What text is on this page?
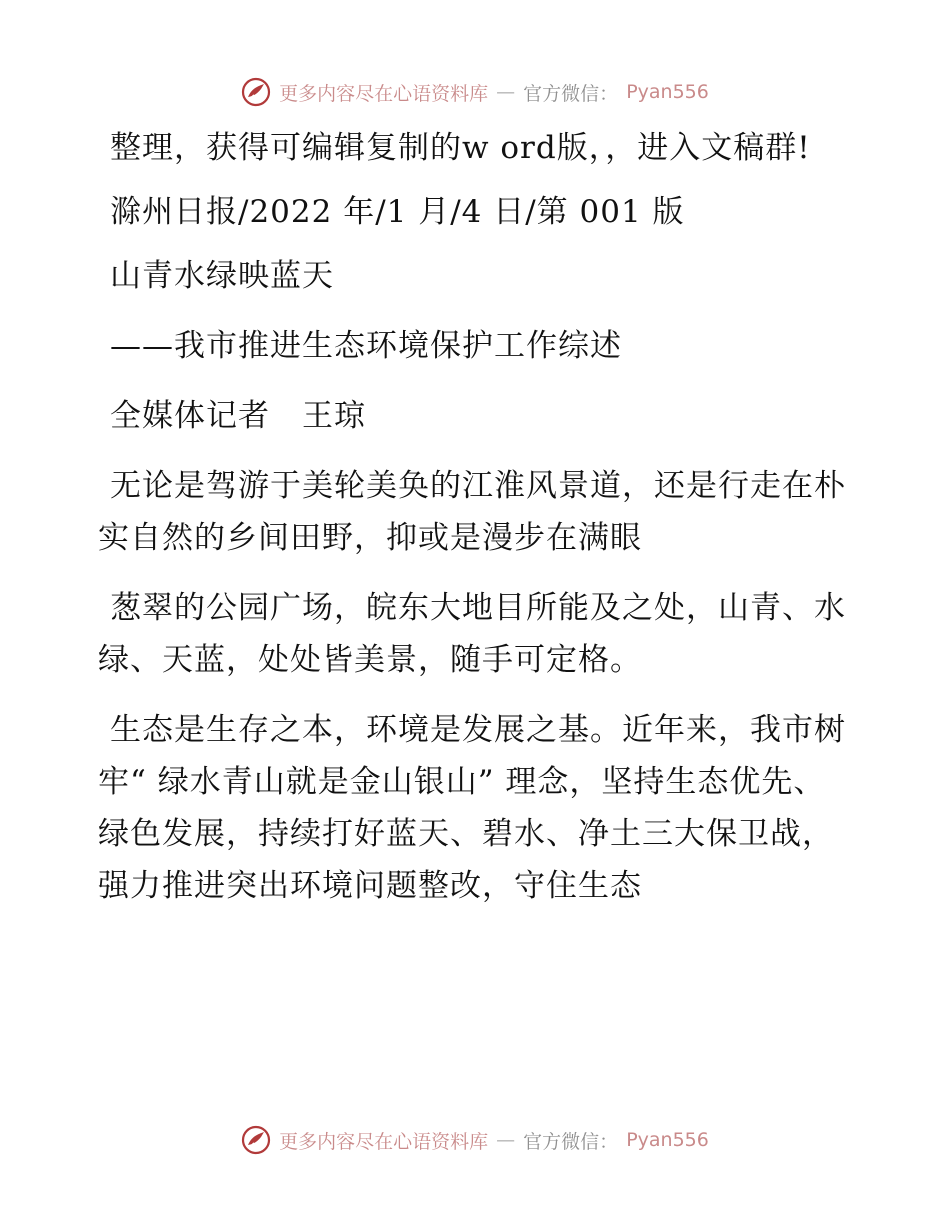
更多内容尽在心语资料库 — 官方微信： Pyan556

整理，获得可编辑复制的w ord版，，进入文稿群!

滁州日报/2022 年/1 月/4 日/第 001 版

山青水绿映蓝天

——我市推进生态环境保护工作综述

全媒体记者　王琼

无论是驾游于美轮美奂的江淮风景道，还是行走在朴实自然的乡间田野，抑或是漫步在满眼

葱翠的公园广场，皖东大地目所能及之处，山青、水绿、天蓝，处处皆美景，随手可定格。

生态是生存之本，环境是发展之基。近年来，我市树牢“ 绿水青山就是金山银山” 理念，坚持生态优先、绿色发展，持续打好蓝天、碧水、净土三大保卫战，强力推进突出环境问题整改，守住生态

更多内容尽在心语资料库 — 官方微信： Pyan556
